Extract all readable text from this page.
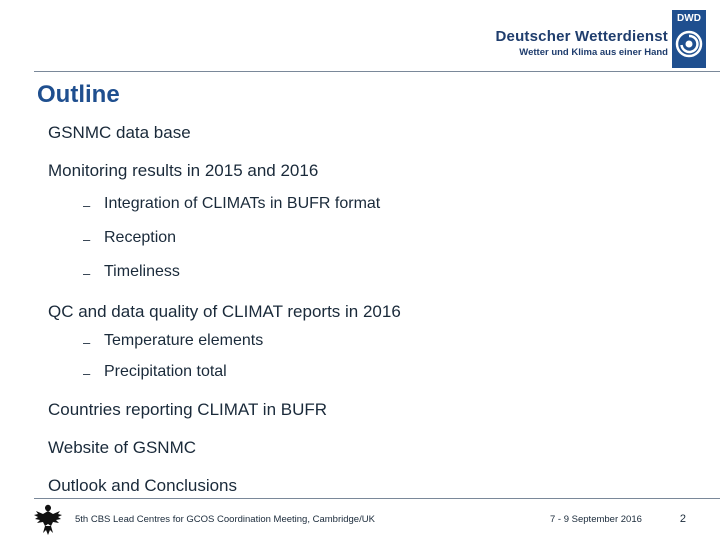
Deutscher Wetterdienst
Wetter und Klima aus einer Hand
DWD
Outline
GSNMC data base
Monitoring results in 2015 and 2016
– Integration of CLIMATs in BUFR format
– Reception
– Timeliness
QC and data quality of CLIMAT reports in 2016
– Temperature elements
– Precipitation total
Countries reporting CLIMAT in BUFR
Website of GSNMC
Outlook and Conclusions
5th CBS Lead Centres for GCOS Coordination Meeting, Cambridge/UK	7 - 9 September 2016	2
